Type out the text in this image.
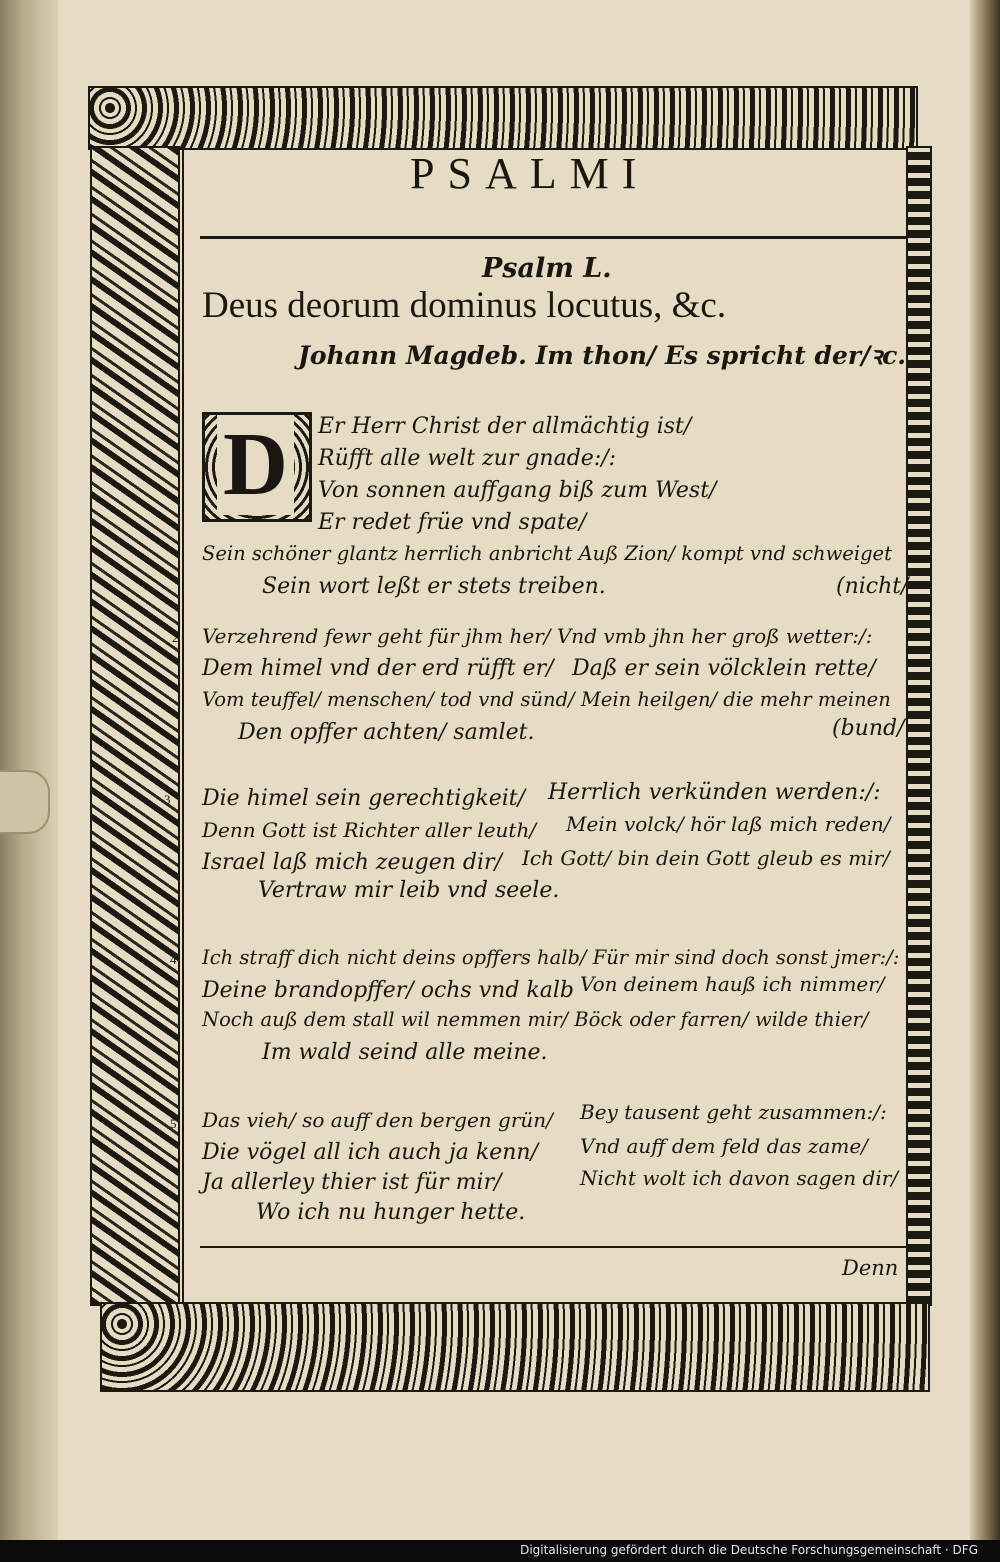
PSALMI
Psalm L.
Deus deorum dominus locutus, &c.
Johann Magdeb. Im thon/ Es spricht der/ꝛc.
D Er Herr Christ der allmächtig ist/
Rüfft alle welt zur gnade:/:
Von sonnen auffgang biß zum West/
Er redet früe vnd spate/
Sein schöner glantz herrlich anbricht Auß Zion/ kompt vnd schweiget
Sein wort leßt er stets treiben.	(nicht/
2 Verzehrend fewr geht für jhm her/ Vnd vmb jhn her groß wetter:/:
Dem himel vnd der erd rüfft er/ Daß er sein völcklein rette/
Vom teuffel/ menschen/ tod vnd sünd/ Mein heilgen/ die mehr meinen
Den opffer achten/ samlet.	(bund/
3 Die himel sein gerechtigkeit/ Herrlich verkünden werden:/:
Denn Gott ist Richter aller leuth/ Mein volck/ hör laß mich reden/
Israel laß mich zeugen dir/ Ich Gott/ bin dein Gott gleub es mir/
Vertraw mir leib vnd seele.
4 Ich straff dich nicht deins opffers halb/ Für mir sind doch sonst jmer:/:
Deine brandopffer/ ochs vnd kalb Von deinem hauß ich nimmer/
Noch auß dem stall wil nemmen mir/ Böck oder farren/ wilde thier/
Im wald seind alle meine.
5 Das vieh/ so auff den bergen grün/ Bey tausent geht zusammen:/:
Die vögel all ich auch ja kenn/ Vnd auff dem feld das zame/
Ja allerley thier ist für mir/	Nicht wolt ich davon sagen dir/
Wo ich nu hunger hette.
Denn
Digitalisierung gefördert durch die Deutsche Forschungsgemeinschaft · DFG
